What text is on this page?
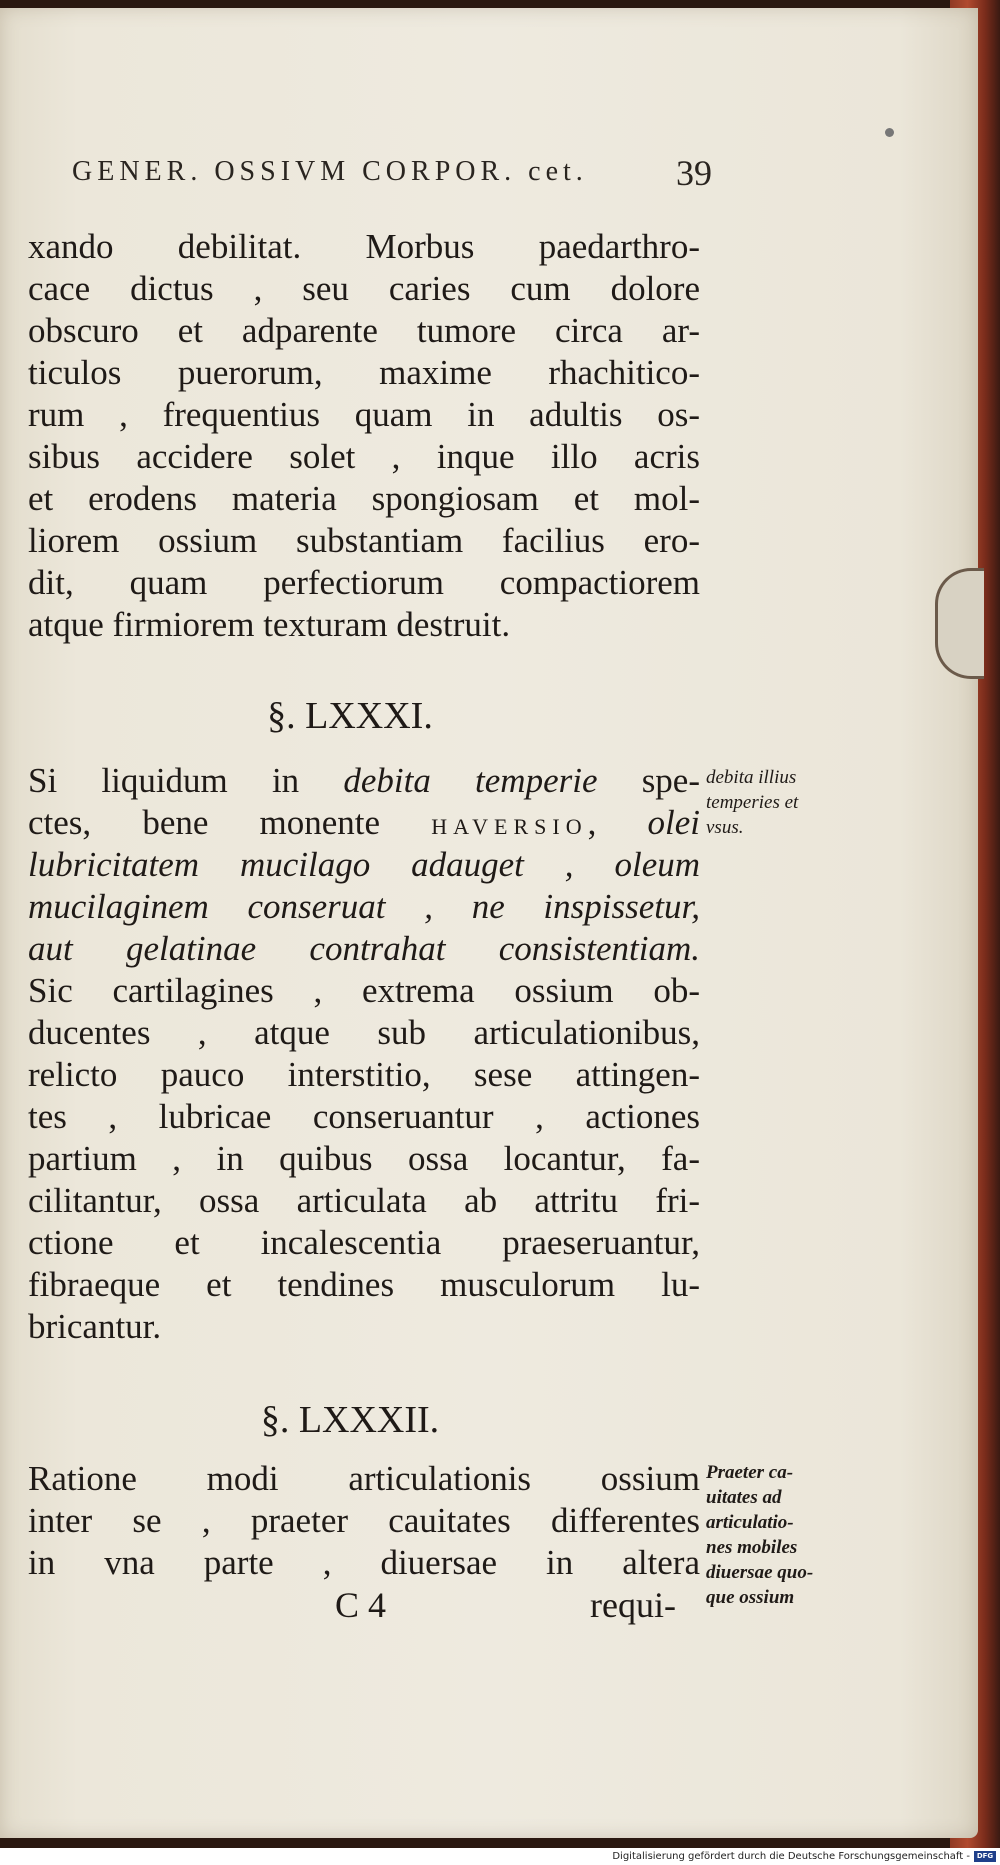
GENER. OSSIVM CORPOR. cet. 39
xando debilitat. Morbus paedarthro-
cace dictus , seu caries cum dolore
obscuro et adparente tumore circa ar-
ticulos puerorum, maxime rhachitico-
rum , frequentius quam in adultis os-
sibus accidere solet , inque illo acris
et erodens materia spongiosam et mol-
liorem ossium substantiam facilius ero-
dit, quam perfectiorum compactiorem
atque firmiorem texturam destruit.
§. LXXXI.
Si liquidum in debita temperie spe-
ctes, bene monente HAVERSIO, olei
lubricitatem mucilago adauget , oleum
mucilaginem conseruat , ne inspissetur,
aut gelatinae contrahat consistentiam.
Sic cartilagines , extrema ossium ob-
ducentes , atque sub articulationibus,
relicto pauco interstitio, sese attingen-
tes , lubricae conseruantur , actiones
partium , in quibus ossa locantur, fa-
cilitantur, ossa articulata ab attritu fri-
ctione et incalescentia praeseruantur,
fibraeque et tendines musculorum lu-
bricantur.
debita illius
temperies et
vsus.
§. LXXXII.
Ratione modi articulationis ossium
inter se , praeter cauitates differentes
in vna parte , diuersae in altera
Praeter ca-
uitates ad
articulatio-
nes mobiles
diuersae quo-
que ossium
C 4	requi-
Digitalisierung gefördert durch die Deutsche Forschungsgemeinschaft - DFG
